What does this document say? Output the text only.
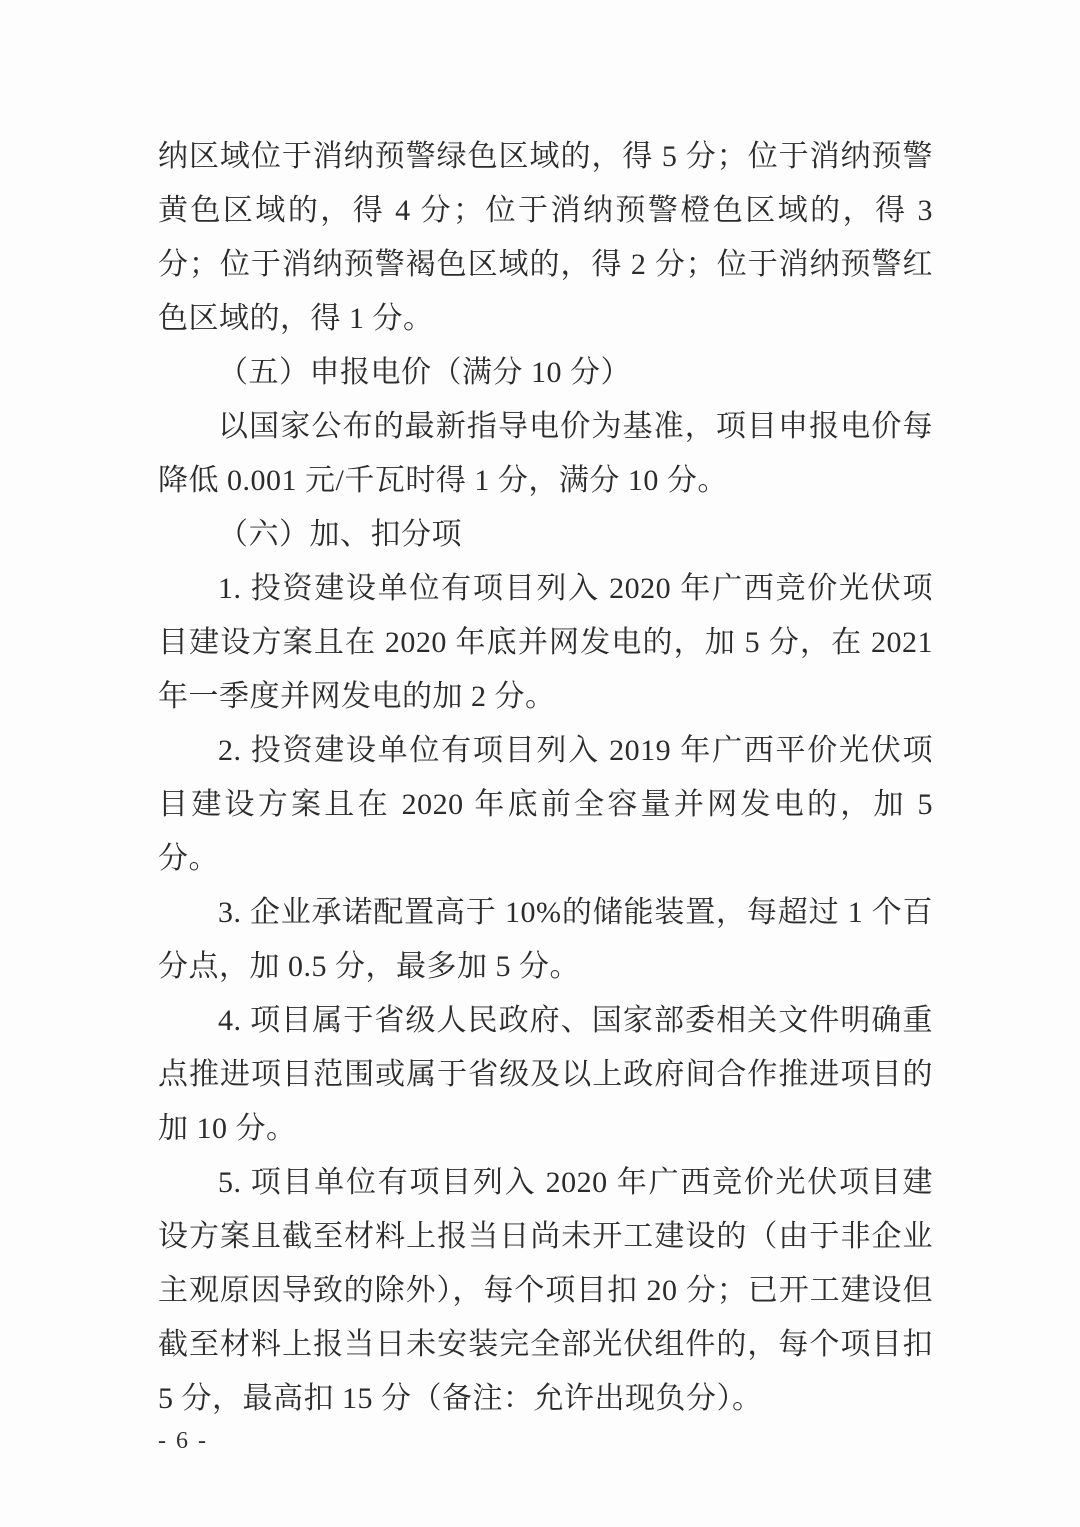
纳区域位于消纳预警绿色区域的，得 5 分；位于消纳预警黄色区域的，得 4 分；位于消纳预警橙色区域的，得 3 分；位于消纳预警褐色区域的，得 2 分；位于消纳预警红色区域的，得 1 分。

（五）申报电价（满分 10 分）

以国家公布的最新指导电价为基准，项目申报电价每降低 0.001 元/千瓦时得 1 分，满分 10 分。

（六）加、扣分项

1. 投资建设单位有项目列入 2020 年广西竞价光伏项目建设方案且在 2020 年底并网发电的，加 5 分，在 2021 年一季度并网发电的加 2 分。

2. 投资建设单位有项目列入 2019 年广西平价光伏项目建设方案且在 2020 年底前全容量并网发电的，加 5 分。

3. 企业承诺配置高于 10%的储能装置，每超过 1 个百分点，加 0.5 分，最多加 5 分。

4. 项目属于省级人民政府、国家部委相关文件明确重点推进项目范围或属于省级及以上政府间合作推进项目的加 10 分。

5. 项目单位有项目列入 2020 年广西竞价光伏项目建设方案且截至材料上报当日尚未开工建设的（由于非企业主观原因导致的除外），每个项目扣 20 分；已开工建设但截至材料上报当日未安装完全部光伏组件的，每个项目扣 5 分，最高扣 15 分（备注：允许出现负分）。

- 6 -
